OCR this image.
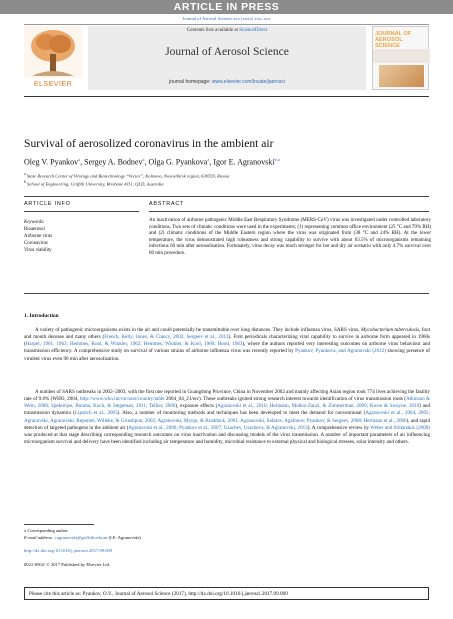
ARTICLE IN PRESS
Journal of Aerosol Science xxx (xxxx) xxx–xxx
ELSEVIER
Contents lists available at ScienceDirect
Journal of Aerosol Science
journal homepage: www.elsevier.com/locate/jaerosci
JOURNAL OF AEROSOL SCIENCE
Survival of aerosolized coronavirus in the ambient air
Oleg V. Pyankov$^a$, Sergey A. Bodnev$^a$, Olga G. Pyankova$^a$, Igor E. Agranovski$^{b,⁎}$
$^a$ State Research Center of Virology and Biotechnology “Vector”, Koltsovo, Novosibirsk region, 630559, Russia
$^b$ School of Engineering, Griffith University, Brisbane 4111, QLD, Australia
ARTICLE INFO	ABSTRACT
Keywords:
Bioaerosol
Airborne virus
Coronavirus
Virus viability
An inactivation of airborne pathogenic Middle East Respiratory Syndrome (MERS-CoV) virus was investigated under controlled laboratory conditions. Two sets of climatic conditions were used in the experiments; (1) representing common office environment (25 °C and 79% RH) and (2) climatic conditions of the Middle Eastern region where the virus was originated from (38 °C and 24% RH). At the lower temperature, the virus demonstrated high robustness and strong capability to survive with about 63.5% of microorganisms remaining infectious 60 min after aerosolisation. Fortunately, virus decay was much stronger for hot and dry air scenario with only 4.7% survival over 60 min procedure.
1. Introduction
A variety of pathogenic microorganisms exists in the air and could potentially be transmittable over long distances. They include influenza virus, SARS virus, Mycobacterium tuberculosis, foot and mouth decease and many others (French, Kelly, Jones, & Clancy, 2002; Sergeev et al., 2013). First periodicals characterizing viral capability to survive in airborne form appeared in 1960s (Harper, 1961, 1963; Hemmes, Kool, & Winkler, 1962; Hemmes, Winkler, & Kool, 1960; Hood, 1963), where the authors reported very interesting outcomes on airborne virus behaviour and transmission efficiency. A comprehensive study on survival of various strains of airborne influenza virus was recently reported by Pyankov, Pyankova, and Agranovski (2012) showing presence of virulent virus even 90 min after aerosolization.
A number of SARS outbreaks in 2002–2003, with the first one reported in Guangdong Province, China in November 2002 and mainly affecting Asian region took 774 lives achieving the fatality rate of 9.6% (WHO, 2004, http://www.who.int/csr/sars/country/table 2004_04_21/en/). These outbreaks ignited strong research interest towards identification of virus transmission routs (Atkinson & Wein, 2008; Spekreijse, Bouma, Koch, & Stegeman, 2011; Tellier, 2006), exposure effects (Agranovski et al., 2010; Hermann, Muñoz-Zanzi, & Zimmerman, 2009; Kwon & Swayne, 2010) and transmission dynamics (Lipsitch et al., 2003). Also, a number of monitoring methods and techniques has been developed to meet the demand for conventional (Agranovski et al., 2004, 2005; Agranovski, Agranovski, Reponen, Willeke, & Grinshpun, 2002; Agranovski, Myojo, & Braddock, 2001; Agranovski, Safatov, Agafonov, Pyankov, & Sergeev, 2008; Hermann et al., 2006), and rapid detection of targeted pathogens in the ambient air (Agranovski et al., 2006; Pyankov et al., 2007; Usachev, Usacheva, & Agranovski, 2013). A comprehensive review by Weber and Stilianakis (2008) was produced at that stage describing corresponding research outcomes on virus inactivation and discussing models of the virus transmission. A number of important parameters of air influencing microorganism survival and delivery have been identified including air temperature and humidity, microbial resistance to external physical and biological stresses, solar intensity and others.
⁎ Corresponding author.
E-mail address: i.agranovski@griffith.edu.au (I.E. Agranovski).
http://dx.doi.org/10.1016/j.jaerosci.2017.09.009
0021-8502/ © 2017 Published by Elsevier Ltd.
Please cite this article as: Pyankov, O.V., Journal of Aerosol Science (2017), http://dx.doi.org/10.1016/j.jaerosci.2017.09.009
